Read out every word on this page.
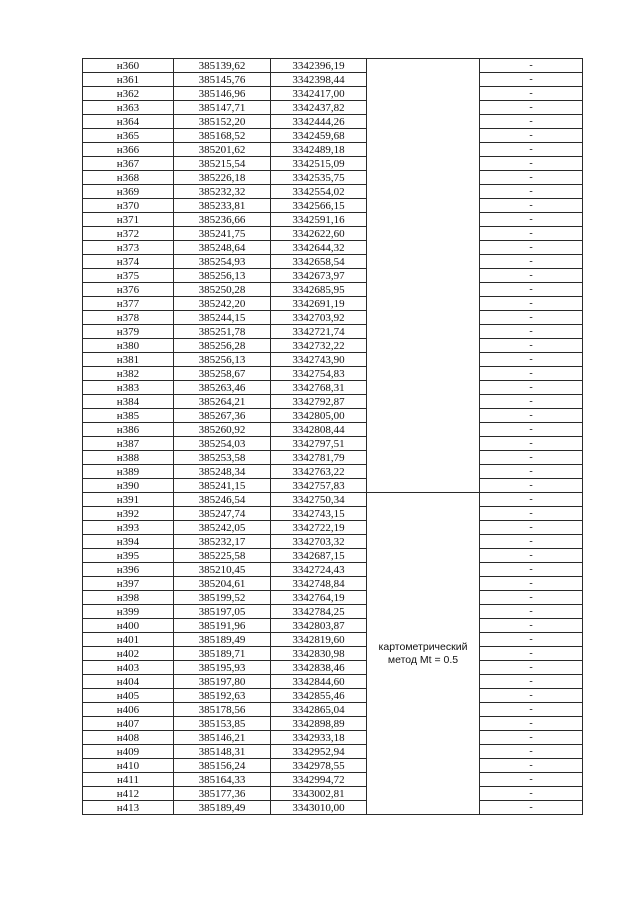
н360	385139,62	3342396,19		-
н361	385145,76	3342398,44		-
н362	385146,96	3342417,00		-
н363	385147,71	3342437,82		-
н364	385152,20	3342444,26		-
н365	385168,52	3342459,68		-
н366	385201,62	3342489,18		-
н367	385215,54	3342515,09		-
н368	385226,18	3342535,75		-
н369	385232,32	3342554,02		-
н370	385233,81	3342566,15		-
н371	385236,66	3342591,16		-
н372	385241,75	3342622,60		-
н373	385248,64	3342644,32		-
н374	385254,93	3342658,54		-
н375	385256,13	3342673,97		-
н376	385250,28	3342685,95		-
н377	385242,20	3342691,19		-
н378	385244,15	3342703,92		-
н379	385251,78	3342721,74		-
н380	385256,28	3342732,22		-
н381	385256,13	3342743,90		-
н382	385258,67	3342754,83		-
н383	385263,46	3342768,31		-
н384	385264,21	3342792,87		-
н385	385267,36	3342805,00		-
н386	385260,92	3342808,44		-
н387	385254,03	3342797,51		-
н388	385253,58	3342781,79		-
н389	385248,34	3342763,22		-
н390	385241,15	3342757,83		-
н391	385246,54	3342750,34	картометрический метод Mt = 0.5	-
н392	385247,74	3342743,15		-
н393	385242,05	3342722,19		-
н394	385232,17	3342703,32		-
н395	385225,58	3342687,15		-
н396	385210,45	3342724,43		-
н397	385204,61	3342748,84		-
н398	385199,52	3342764,19		-
н399	385197,05	3342784,25		-
н400	385191,96	3342803,87		-
н401	385189,49	3342819,60		-
н402	385189,71	3342830,98		-
н403	385195,93	3342838,46		-
н404	385197,80	3342844,60		-
н405	385192,63	3342855,46		-
н406	385178,56	3342865,04		-
н407	385153,85	3342898,89		-
н408	385146,21	3342933,18		-
н409	385148,31	3342952,94		-
н410	385156,24	3342978,55		-
н411	385164,33	3342994,72		-
н412	385177,36	3343002,81		-
н413	385189,49	3343010,00		-
